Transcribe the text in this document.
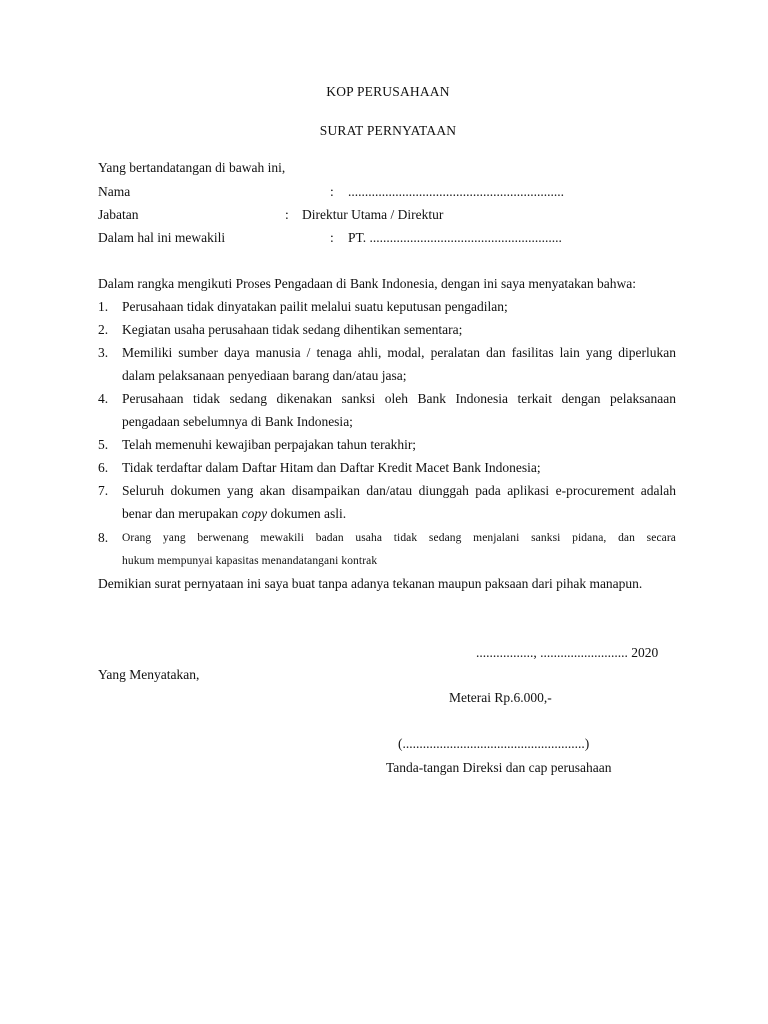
KOP PERUSAHAAN
SURAT PERNYATAAN
Yang bertandatangan di bawah ini,
Nama	: ................................................................
Jabatan	: Direktur Utama / Direktur
Dalam hal ini mewakili	: PT. .........................................................
Dalam rangka mengikuti Proses Pengadaan di Bank Indonesia, dengan ini saya menyatakan bahwa:
1. Perusahaan tidak dinyatakan pailit melalui suatu keputusan pengadilan;
2. Kegiatan usaha perusahaan tidak sedang dihentikan sementara;
3. Memiliki sumber daya manusia / tenaga ahli, modal, peralatan dan fasilitas lain yang diperlukan
dalam pelaksanaan penyediaan barang dan/atau jasa;
4. Perusahaan tidak sedang dikenakan sanksi oleh Bank Indonesia terkait dengan pelaksanaan
pengadaan sebelumnya di Bank Indonesia;
5. Telah memenuhi kewajiban perpajakan tahun terakhir;
6. Tidak terdaftar dalam Daftar Hitam dan Daftar Kredit Macet Bank Indonesia;
7. Seluruh dokumen yang akan disampaikan dan/atau diunggah pada aplikasi e-procurement adalah
benar dan merupakan copy dokumen asli.
8. Orang yang berwenang mewakili badan usaha tidak sedang menjalani sanksi pidana, dan secara
hukum mempunyai kapasitas menandatangani kontrak
Demikian surat pernyataan ini saya buat tanpa adanya tekanan maupun paksaan dari pihak manapun.
................., .......................... 2020
Yang Menyatakan,
Meterai Rp.6.000,-
(......................................................)
Tanda-tangan Direksi dan cap perusahaan
